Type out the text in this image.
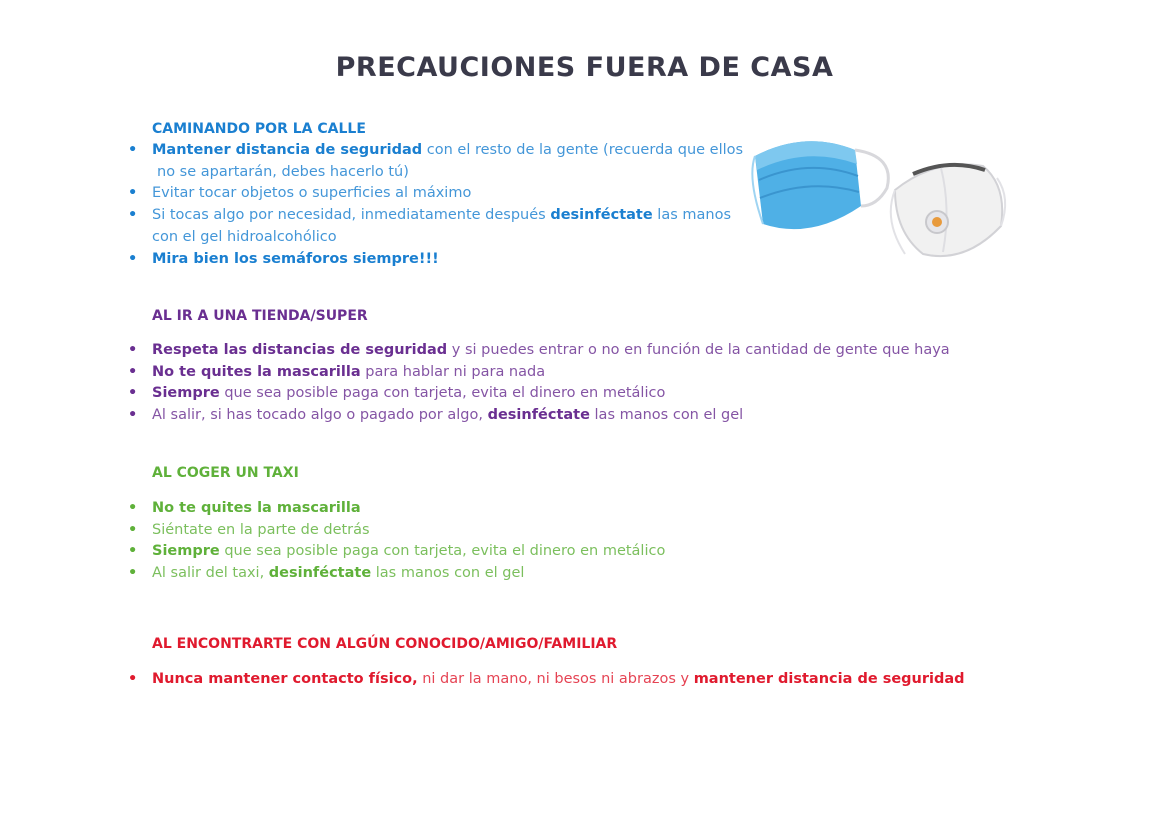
PRECAUCIONES FUERA DE CASA
CAMINANDO POR LA CALLE
• Mantener distancia de seguridad con el resto de la gente (recuerda que ellos
no se apartarán, debes hacerlo tú)
• Evitar tocar objetos o superficies al máximo
• Si tocas algo por necesidad, inmediatamente después desinféctate las manos
con el gel hidroalcohólico
• Mira bien los semáforos siempre!!!
AL IR A UNA TIENDA/SUPER
• Respeta las distancias de seguridad y si puedes entrar o no en función de la cantidad de gente que haya
• No te quites la mascarilla para hablar ni para nada
• Siempre que sea posible paga con tarjeta, evita el dinero en metálico
• Al salir, si has tocado algo o pagado por algo, desinféctate las manos con el gel
AL COGER UN TAXI
• No te quites la mascarilla
• Siéntate en la parte de detrás
• Siempre que sea posible paga con tarjeta, evita el dinero en metálico
• Al salir del taxi, desinféctate las manos con el gel
AL ENCONTRARTE CON ALGÚN CONOCIDO/AMIGO/FAMILIAR
• Nunca mantener contacto físico, ni dar la mano, ni besos ni abrazos y mantener distancia de seguridad
